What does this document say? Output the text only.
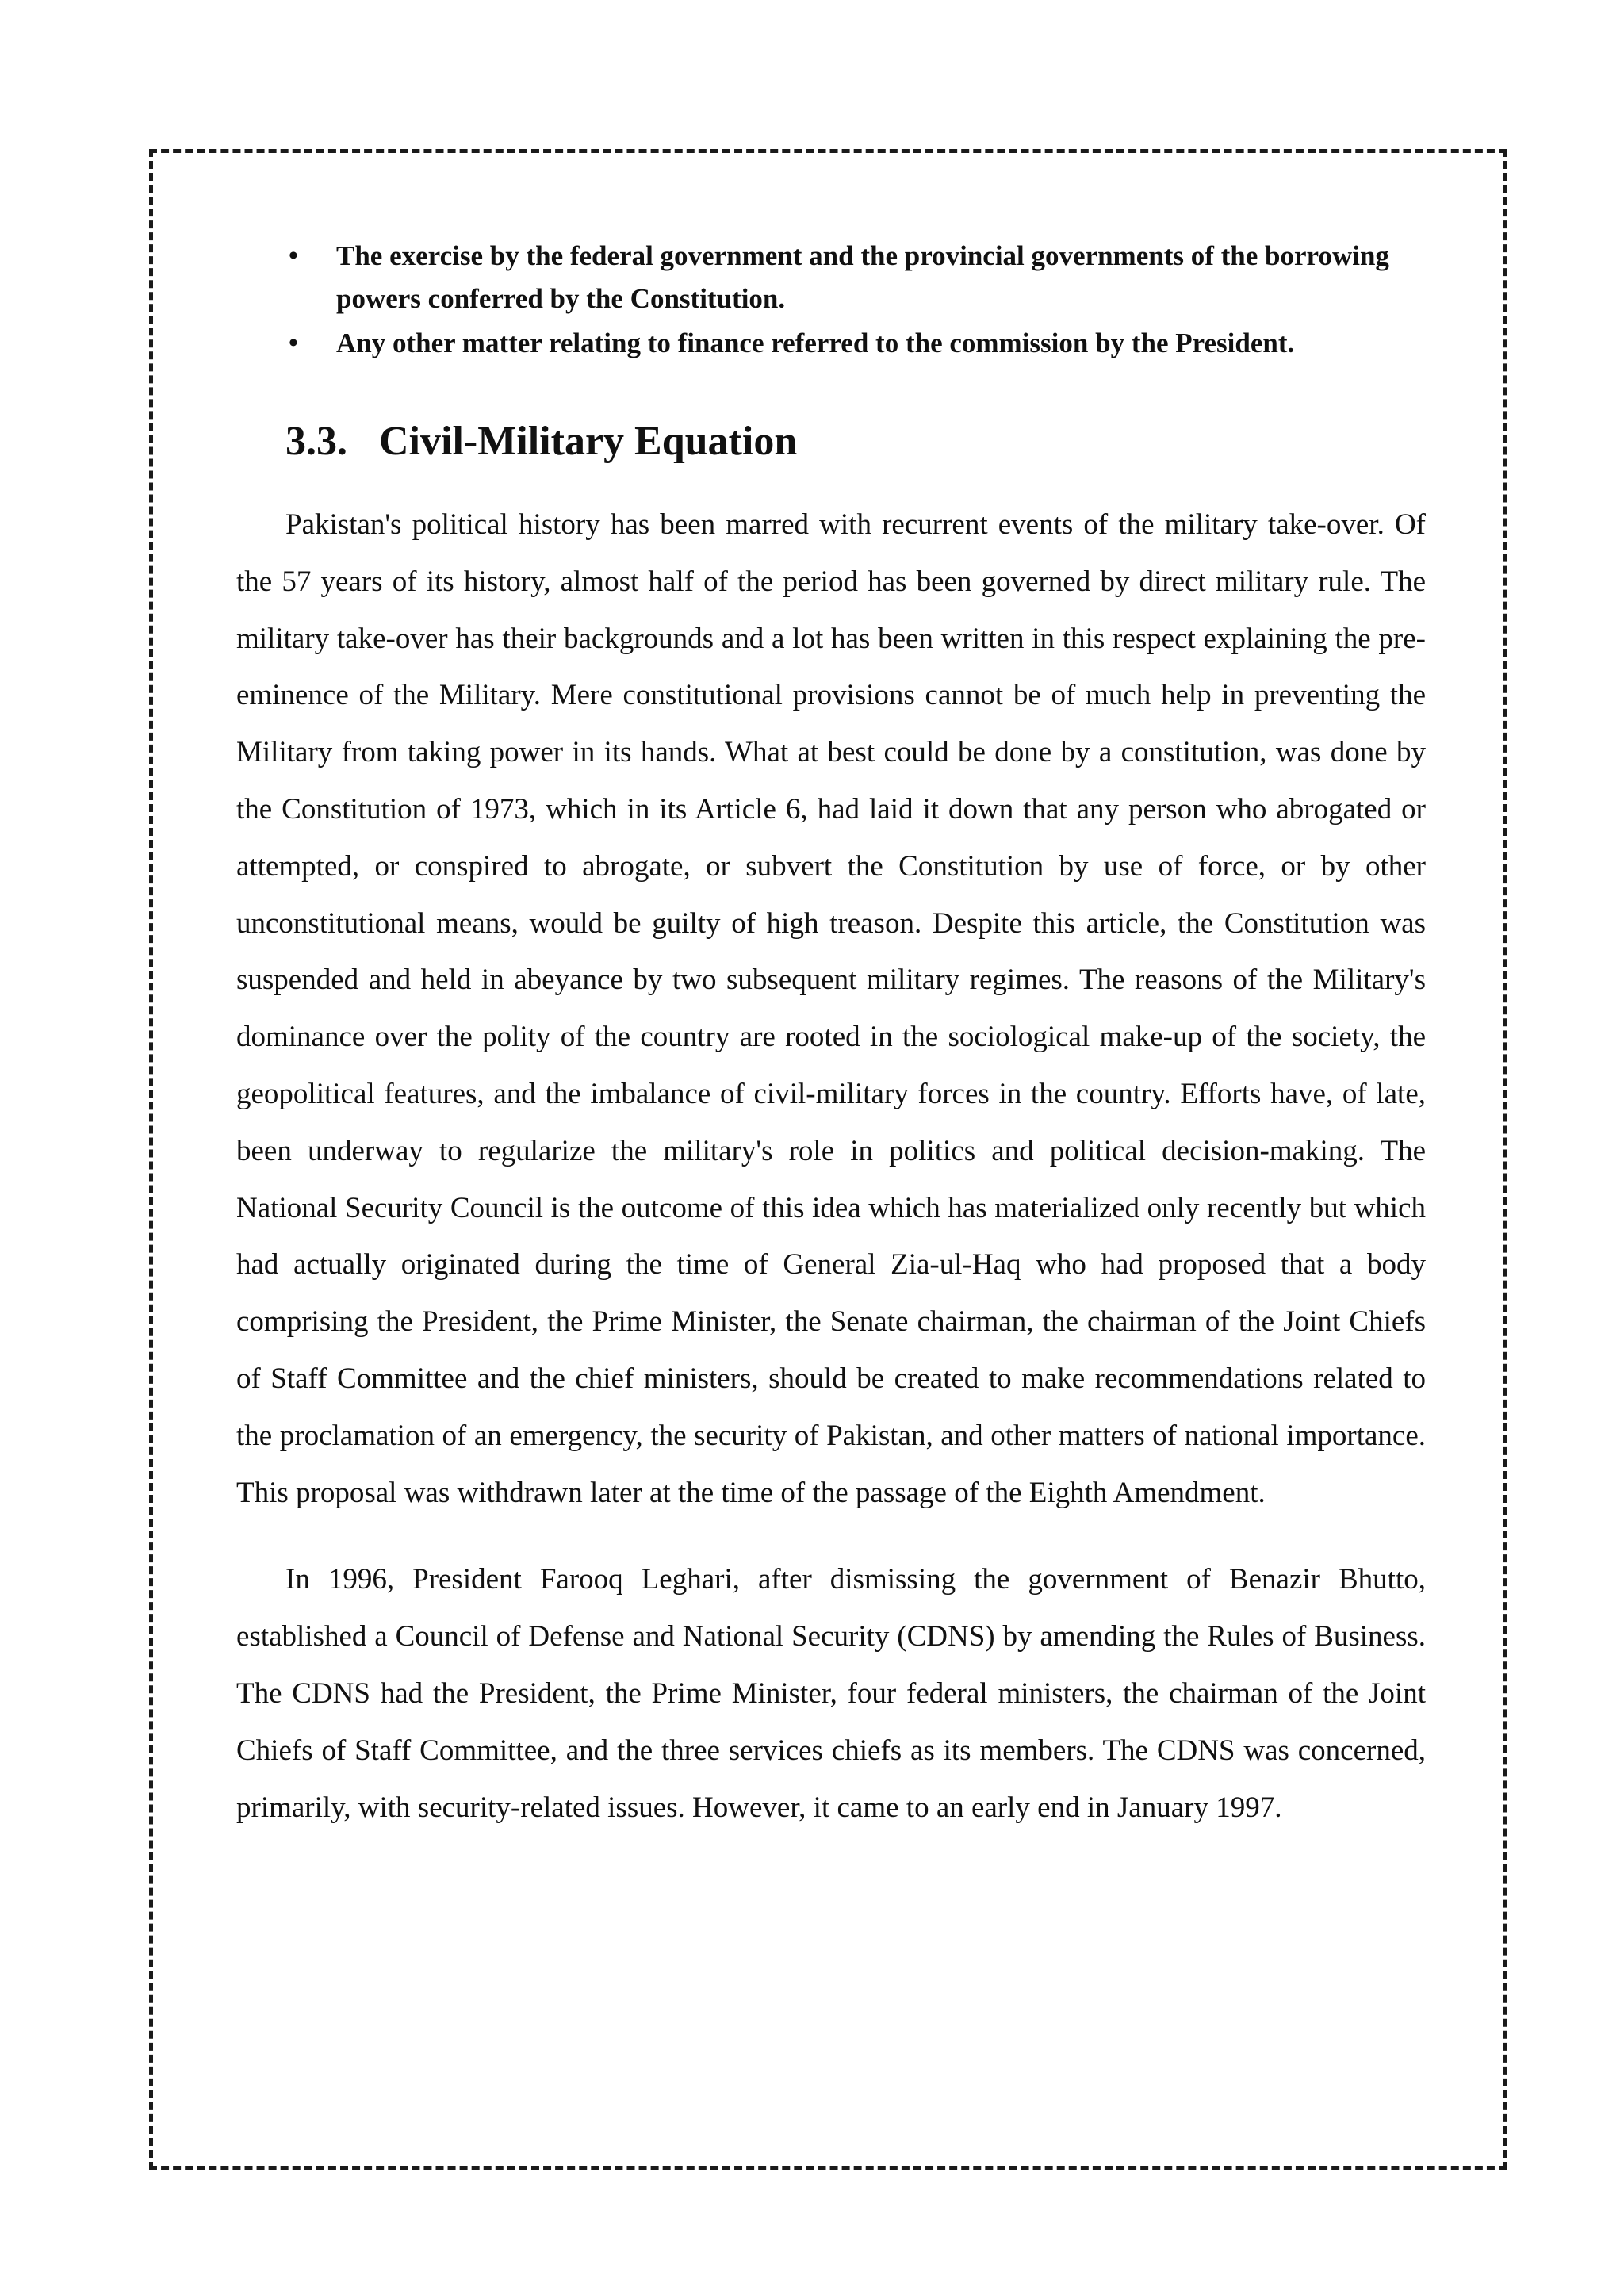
• The exercise by the federal government and the provincial governments of the borrowing powers conferred by the Constitution.
• Any other matter relating to finance referred to the commission by the President.
3.3. Civil-Military Equation

Pakistan's political history has been marred with recurrent events of the military take-over. Of the 57 years of its history, almost half of the period has been governed by direct military rule. The military take-over has their backgrounds and a lot has been written in this respect explaining the pre-eminence of the Military. Mere constitutional provisions cannot be of much help in preventing the Military from taking power in its hands. What at best could be done by a constitution, was done by the Constitution of 1973, which in its Article 6, had laid it down that any person who abrogated or attempted, or conspired to abrogate, or subvert the Constitution by use of force, or by other unconstitutional means, would be guilty of high treason. Despite this article, the Constitution was suspended and held in abeyance by two subsequent military regimes. The reasons of the Military's dominance over the polity of the country are rooted in the sociological make-up of the society, the geopolitical features, and the imbalance of civil-military forces in the country. Efforts have, of late, been underway to regularize the military's role in politics and political decision-making. The National Security Council is the outcome of this idea which has materialized only recently but which had actually originated during the time of General Zia-ul-Haq who had proposed that a body comprising the President, the Prime Minister, the Senate chairman, the chairman of the Joint Chiefs of Staff Committee and the chief ministers, should be created to make recommendations related to the proclamation of an emergency, the security of Pakistan, and other matters of national importance. This proposal was withdrawn later at the time of the passage of the Eighth Amendment.

In 1996, President Farooq Leghari, after dismissing the government of Benazir Bhutto, established a Council of Defense and National Security (CDNS) by amending the Rules of Business. The CDNS had the President, the Prime Minister, four federal ministers, the chairman of the Joint Chiefs of Staff Committee, and the three services chiefs as its members. The CDNS was concerned, primarily, with security-related issues. However, it came to an early end in January 1997.
